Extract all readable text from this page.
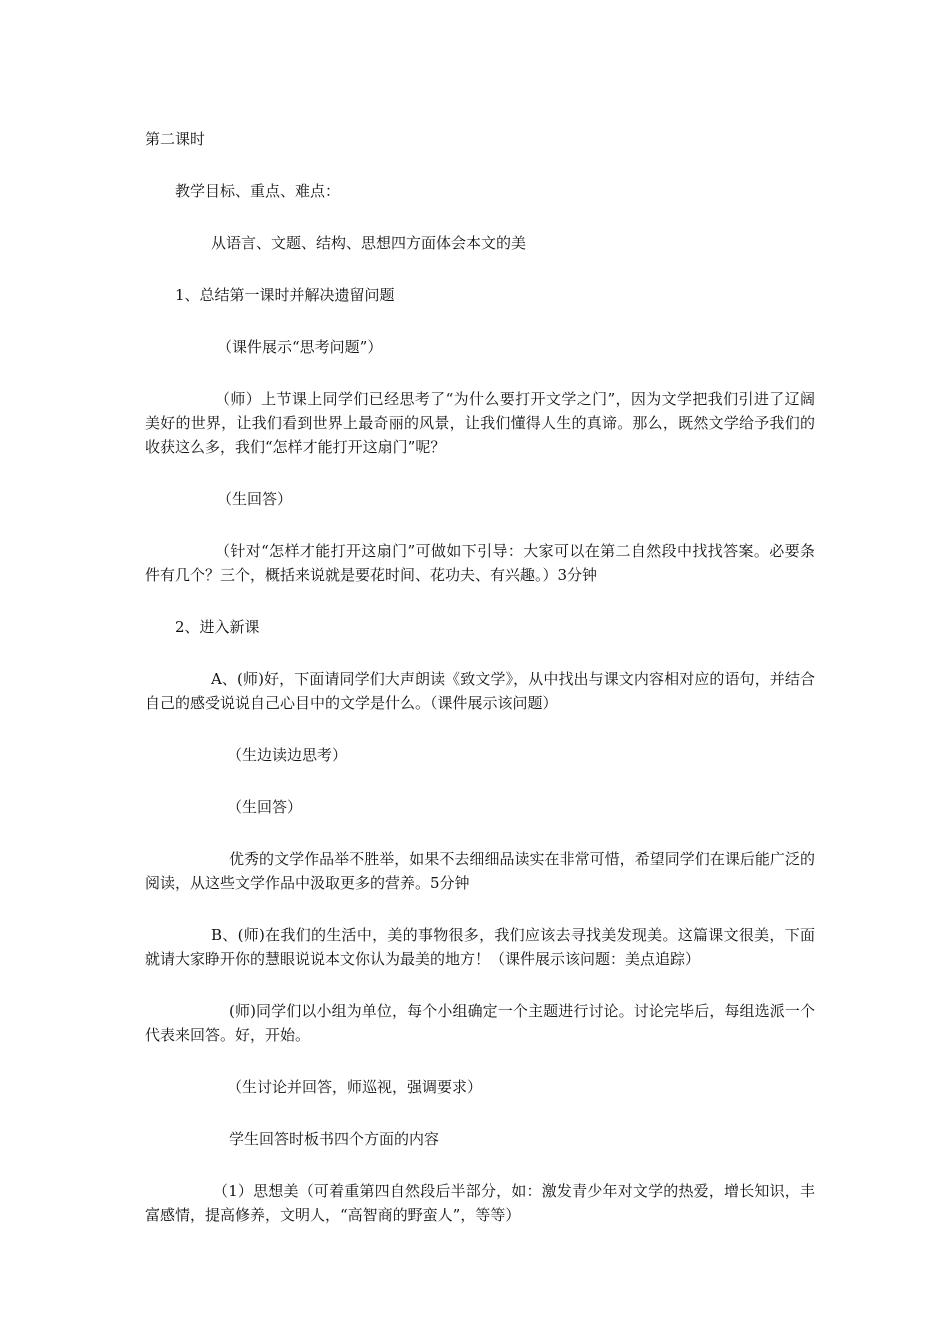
第二课时

教学目标、重点、难点：

从语言、文题、结构、思想四方面体会本文的美

1、总结第一课时并解决遗留问题

（课件展示“思考问题”）

（师）上节课上同学们已经思考了“为什么要打开文学之门”，因为文学把我们引进了辽阔美好的世界，让我们看到世界上最奇丽的风景，让我们懂得人生的真谛。那么，既然文学给予我们的收获这么多，我们“怎样才能打开这扇门”呢？

（生回答）

（针对“怎样才能打开这扇门”可做如下引导：大家可以在第二自然段中找找答案。必要条件有几个？三个，概括来说就是要花时间、花功夫、有兴趣。）3分钟

2、进入新课

A、(师)好，下面请同学们大声朗读《致文学》，从中找出与课文内容相对应的语句，并结合自己的感受说说自己心目中的文学是什么。（课件展示该问题）

（生边读边思考）

（生回答）

优秀的文学作品举不胜举，如果不去细细品读实在非常可惜，希望同学们在课后能广泛的阅读，从这些文学作品中汲取更多的营养。5分钟

B、(师)在我们的生活中，美的事物很多，我们应该去寻找美发现美。这篇课文很美，下面就请大家睁开你的慧眼说说本文你认为最美的地方！（课件展示该问题：美点追踪）

(师)同学们以小组为单位，每个小组确定一个主题进行讨论。讨论完毕后，每组选派一个代表来回答。好，开始。

（生讨论并回答，师巡视，强调要求）

学生回答时板书四个方面的内容

（1）思想美（可着重第四自然段后半部分，如：激发青少年对文学的热爱，增长知识，丰富感情，提高修养，文明人，“高智商的野蛮人”，等等）
